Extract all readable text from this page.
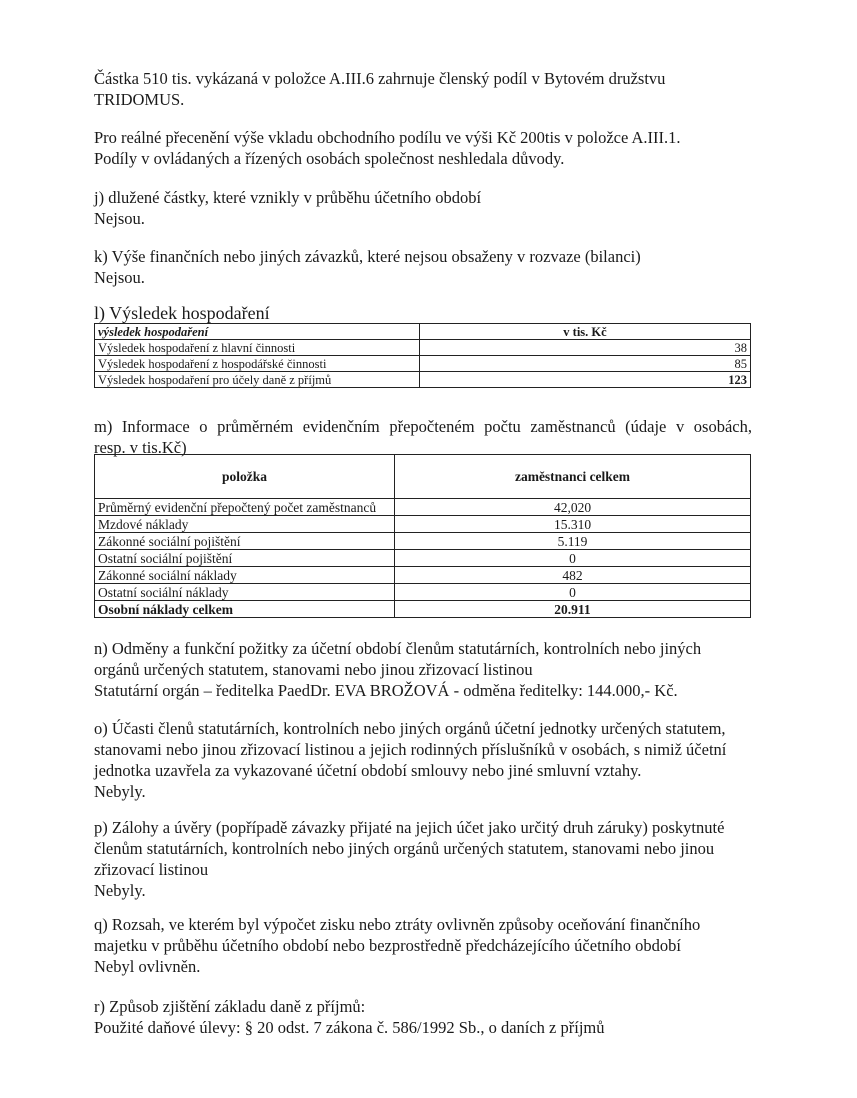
Částka 510 tis. vykázaná v položce A.III.6 zahrnuje členský podíl v Bytovém družstvu
TRIDOMUS.
Pro reálné přecenění výše vkladu obchodního podílu ve výši Kč 200tis v položce A.III.1.
Podíly v ovládaných a řízených osobách společnost neshledala důvody.
j) dlužené částky, které vznikly v průběhu účetního období
Nejsou.
k) Výše finančních nebo jiných závazků, které nejsou obsaženy v rozvaze (bilanci)
Nejsou.
l) Výsledek hospodaření
výsledek hospodaření	v tis. Kč
Výsledek hospodaření z hlavní činnosti	38
Výsledek hospodaření z hospodářské činnosti	85
Výsledek hospodaření pro účely daně z příjmů	123
m) Informace o průměrném evidenčním přepočteném počtu zaměstnanců (údaje v osobách,
resp. v tis.Kč)
položka	zaměstnanci celkem
Průměrný evidenční přepočtený počet zaměstnanců	42,020
Mzdové náklady	15.310
Zákonné sociální pojištění	5.119
Ostatní sociální pojištění	0
Zákonné sociální náklady	482
Ostatní sociální náklady	0
Osobní náklady celkem	20.911
n) Odměny a funkční požitky za účetní období členům statutárních, kontrolních nebo jiných
orgánů určených statutem, stanovami nebo jinou zřizovací listinou
Statutární orgán – ředitelka PaedDr. EVA BROŽOVÁ - odměna ředitelky: 144.000,- Kč.
o) Účasti členů statutárních, kontrolních nebo jiných orgánů účetní jednotky určených statutem,
stanovami nebo jinou zřizovací listinou a jejich rodinných příslušníků v osobách, s nimiž účetní
jednotka uzavřela za vykazované účetní období smlouvy nebo jiné smluvní vztahy.
Nebyly.
p) Zálohy a úvěry (popřípadě závazky přijaté na jejich účet jako určitý druh záruky) poskytnuté
členům statutárních, kontrolních nebo jiných orgánů určených statutem, stanovami nebo jinou
zřizovací listinou
Nebyly.
q) Rozsah, ve kterém byl výpočet zisku nebo ztráty ovlivněn způsoby oceňování finančního
majetku v průběhu účetního období nebo bezprostředně předcházejícího účetního období
Nebyl ovlivněn.
r) Způsob zjištění základu daně z příjmů:
Použité daňové úlevy: § 20 odst. 7 zákona č. 586/1992 Sb., o daních z příjmů
